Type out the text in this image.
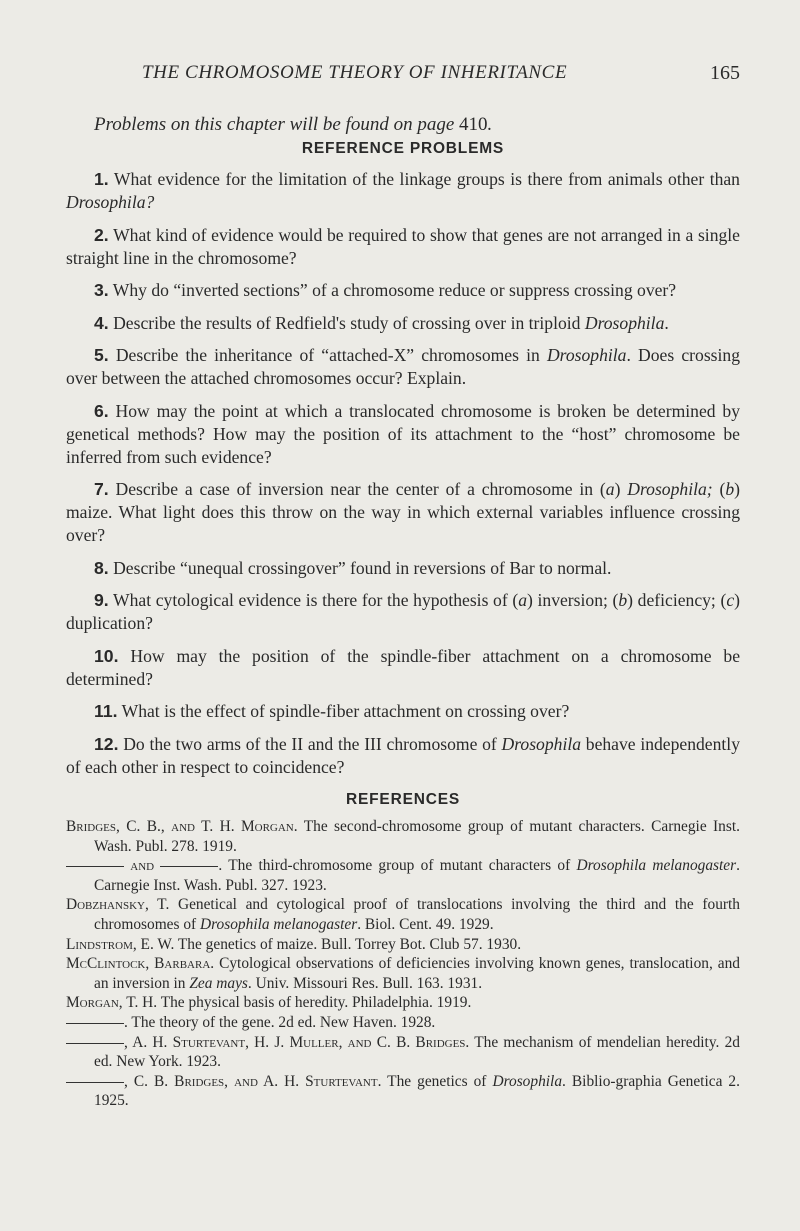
THE CHROMOSOME THEORY OF INHERITANCE	165
Problems on this chapter will be found on page 410.
REFERENCE PROBLEMS

1. What evidence for the limitation of the linkage groups is there from animals other than Drosophila?

2. What kind of evidence would be required to show that genes are not arranged in a single straight line in the chromosome?

3. Why do “inverted sections” of a chromosome reduce or suppress crossing over?

4. Describe the results of Redfield's study of crossing over in triploid Drosophila.

5. Describe the inheritance of “attached-X” chromosomes in Drosophila. Does crossing over between the attached chromosomes occur? Explain.

6. How may the point at which a translocated chromosome is broken be determined by genetical methods? How may the position of its attachment to the “host” chromosome be inferred from such evidence?

7. Describe a case of inversion near the center of a chromosome in (a) Drosophila; (b) maize. What light does this throw on the way in which external variables influence crossing over?

8. Describe “unequal crossingover” found in reversions of Bar to normal.

9. What cytological evidence is there for the hypothesis of (a) inversion; (b) deficiency; (c) duplication?

10. How may the position of the spindle-fiber attachment on a chromosome be determined?

11. What is the effect of spindle-fiber attachment on crossing over?

12. Do the two arms of the II and the III chromosome of Drosophila behave independently of each other in respect to coincidence?

REFERENCES
Bridges, C. B., and T. H. Morgan. The second-chromosome group of mutant characters. Carnegie Inst. Wash. Publ. 278. 1919.
and	. The third-chromosome group of mutant characters of Drosophila melanogaster. Carnegie Inst. Wash. Publ. 327. 1923.
Dobzhansky, T. Genetical and cytological proof of translocations involving the third and the fourth chromosomes of Drosophila melanogaster. Biol. Cent. 49. 1929.
Lindstrom, E. W. The genetics of maize. Bull. Torrey Bot. Club 57. 1930.
McClintock, Barbara. Cytological observations of deficiencies involving known genes, translocation, and an inversion in Zea mays. Univ. Missouri Res. Bull. 163. 1931.
Morgan, T. H. The physical basis of heredity. Philadelphia. 1919.
. The theory of the gene. 2d ed. New Haven. 1928.
, A. H. Sturtevant, H. J. Muller, and C. B. Bridges. The mechanism of mendelian heredity. 2d ed. New York. 1923.
, C. B. Bridges, and A. H. Sturtevant. The genetics of Drosophila. Biblio-graphia Genetica 2. 1925.
